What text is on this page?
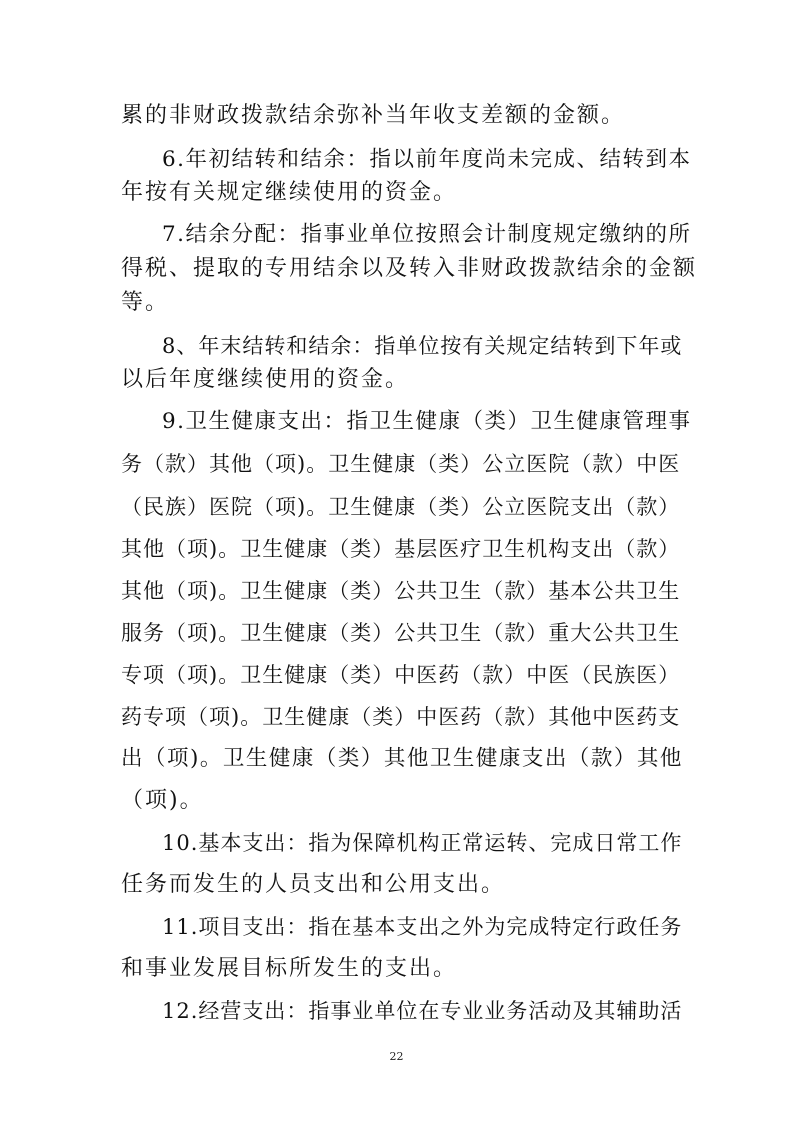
累的非财政拨款结余弥补当年收支差额的金额。
6.年初结转和结余：指以前年度尚未完成、结转到本
年按有关规定继续使用的资金。
7.结余分配：指事业单位按照会计制度规定缴纳的所
得税、提取的专用结余以及转入非财政拨款结余的金额
等。
8、年末结转和结余：指单位按有关规定结转到下年或
以后年度继续使用的资金。
9.卫生健康支出：指卫生健康（类）卫生健康管理事
务（款）其他（项)。卫生健康（类）公立医院（款）中医
（民族）医院（项)。卫生健康（类）公立医院支出（款）
其他（项)。卫生健康（类）基层医疗卫生机构支出（款）
其他（项)。卫生健康（类）公共卫生（款）基本公共卫生
服务（项)。卫生健康（类）公共卫生（款）重大公共卫生
专项（项)。卫生健康（类）中医药（款）中医（民族医）
药专项（项)。卫生健康（类）中医药（款）其他中医药支
出（项)。卫生健康（类）其他卫生健康支出（款）其他
（项)。
10.基本支出：指为保障机构正常运转、完成日常工作
任务而发生的人员支出和公用支出。
11.项目支出：指在基本支出之外为完成特定行政任务
和事业发展目标所发生的支出。
12.经营支出：指事业单位在专业业务活动及其辅助活
22
